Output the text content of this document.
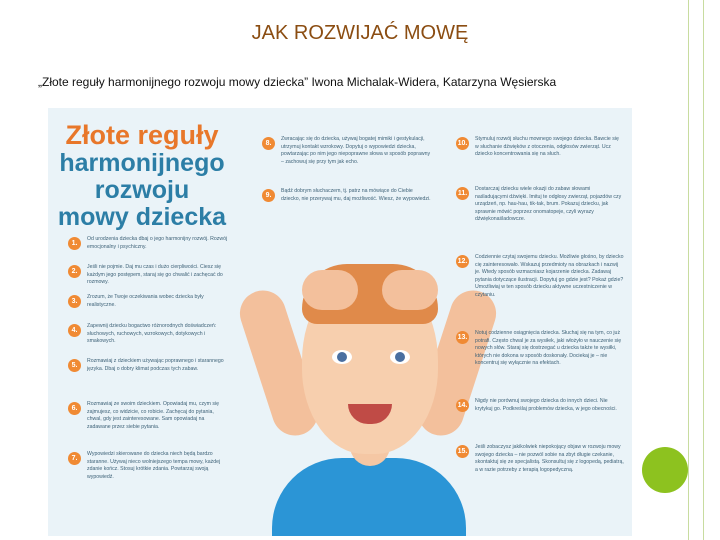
JAK ROZWIJAĆ MOWĘ
„Złote reguły harmonijnego rozwoju mowy dziecka” Iwona Michalak-Widera, Katarzyna Węsierska
Złote reguły
harmonijnego
rozwoju
mowy dziecka
1.
Od urodzenia dziecka dbaj o jego harmonijny rozwój. Rozwój emocjonalny i psychiczny.
2.
Jeśli nie pojmie. Daj mu czas i dużo cierpliwości. Ciesz się każdym jego postępem, staraj się go chwalić i zachęcać do rozmowy.
3.
Zrozum, że Twoje oczekiwania wobec dziecka były realistyczne.
4.
Zapewnij dziecku bogactwo różnorodnych doświadczeń: słuchowych, ruchowych, wzrokowych, dotykowych i smakowych.
5.
Rozmawiaj z dzieckiem używając poprawnego i starannego języka. Dbaj o dobry klimat podczas tych zabaw.
6.
Rozmawiaj ze swoim dzieckiem. Opowiadaj mu, czym się zajmujesz, co widzicie, co robicie. Zachęcaj do pytania, chwal, gdy jest zainteresowane. Sam opowiadaj na zadawane przez siebie pytania.
7.
Wypowiedzi skierowane do dziecka niech będą bardzo staranne. Używaj nieco wolniejszego tempa mowy, każdej zdanie kończ. Stosuj krótkie zdania. Powtarzaj swoją wypowiedź.
8.
Zwracając się do dziecka, używaj bogatej mimiki i gestykulacji, utrzymuj kontakt wzrokowy. Dopytuj o wypowiedzi dziecka, powtarzając po nim jego niepoprawne słowa w sposób poprawny – zachowuj się przy tym jak echo.
9.
Bądź dobrym słuchaczem, tj. patrz na mówiące do Ciebie dziecko, nie przerywaj mu, daj możliwość. Wiesz, że wypowiedzi.
10.
Stymuluj rozwój słuchu mownego swojego dziecka. Bawcie się w słuchanie dźwięków z otoczenia, odgłosów zwierząt. Ucz dziecko koncentrowania się na słuch.
11.
Dostarczaj dziecku wiele okazji do zabaw słowami naśladującymi dźwięki. Imituj te odgłosy zwierząt, pojazdów czy urządzeń, np. hau-hau, tik-tak, brum. Pokazuj dziecku, jak sprawnie mówić poprzez onomatopeje, czyli wyrazy dźwiękonaśladowcze.
12.
Codziennie czytaj swojemu dziecku. Możliwie głośno, by dziecko cię zainteresowało. Wskazuj przedmioty na obrazkach i nazwij je. Wtedy sposób wzmacniasz kojarzenie dziecka. Zadawaj pytania dotyczące ilustracji. Dopytuj go gdzie jest? Pokaż gdzie? Umożliwiaj w ten sposób dziecku aktywne uczestniczenie w czytaniu.
13.
Notuj codzienne osiągnięcia dziecka. Słuchaj się na tym, co już potrafi. Często chwal je za wysiłek, jaki włożyło w nauczenie się nowych słów. Staraj się dostrzegać u dziecka także te wysiłki, których nie dokona w sposób doskonały. Dociekaj je – nie koncentruj się wyłącznie na efektach.
14.
Nigdy nie porównuj swojego dziecka do innych dzieci. Nie krytykuj go. Podkreślaj problemów dziecka, w jego obecności.
15.
Jeśli zobaczysz jakikolwiek niepokojący objaw w rozwoju mowy swojego dziecka – nie pozwól sobie na zbyt długie czekanie, skontaktuj się ze specjalistą. Skonsultuj się z logopedą, pediatrą, a w razie potrzeby z terapią logopedyczną.
